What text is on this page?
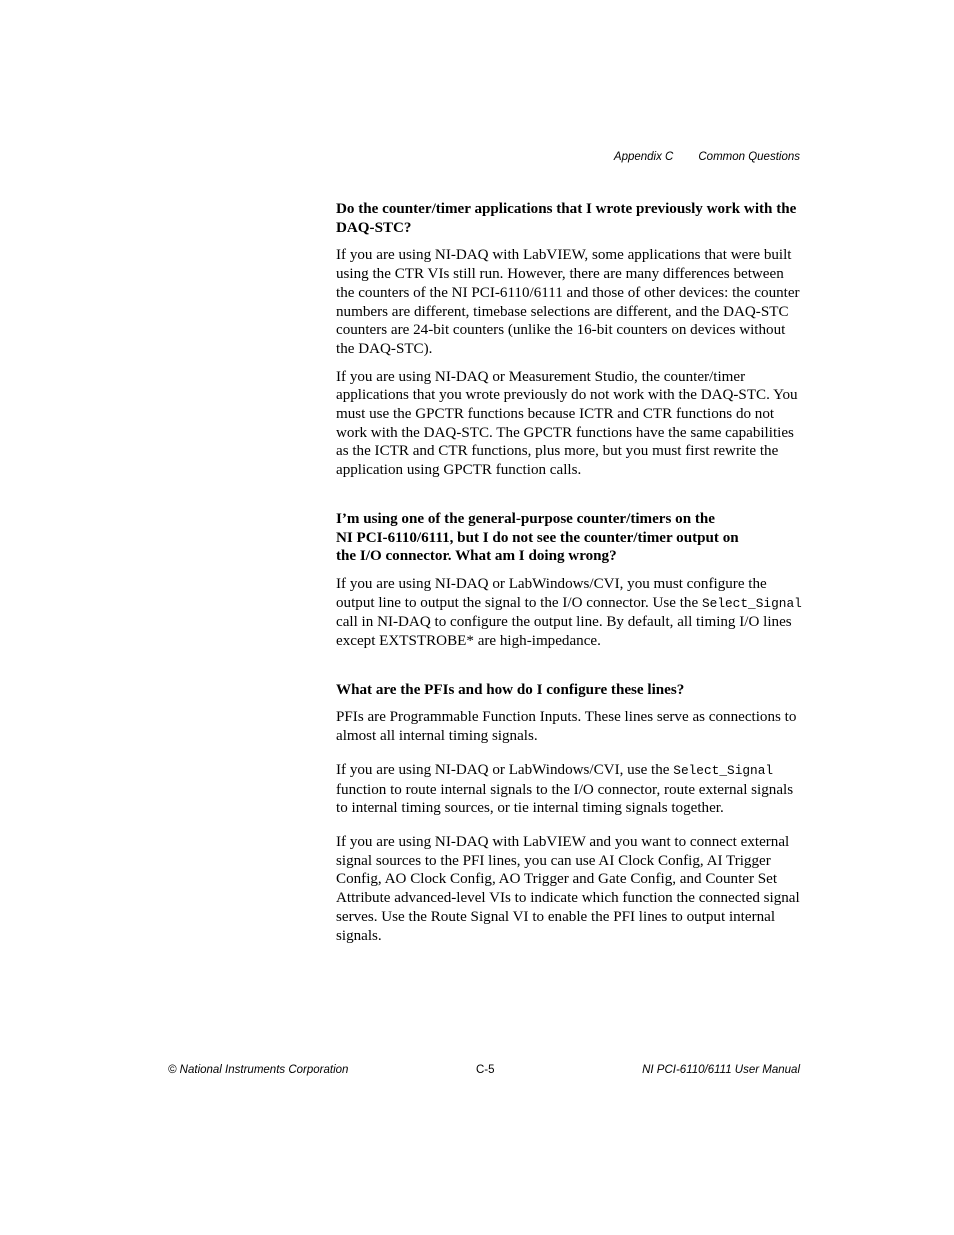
Appendix C Common Questions
Do the counter/timer applications that I wrote previously work with the DAQ-STC?

If you are using NI-DAQ with LabVIEW, some applications that were built using the CTR VIs still run. However, there are many differences between the counters of the NI PCI-6110/6111 and those of other devices: the counter numbers are different, timebase selections are different, and the DAQ-STC counters are 24-bit counters (unlike the 16-bit counters on devices without the DAQ-STC).

If you are using NI-DAQ or Measurement Studio, the counter/timer applications that you wrote previously do not work with the DAQ-STC. You must use the GPCTR functions because ICTR and CTR functions do not work with the DAQ-STC. The GPCTR functions have the same capabilities as the ICTR and CTR functions, plus more, but you must first rewrite the application using GPCTR function calls.

I’m using one of the general-purpose counter/timers on the
NI PCI-6110/6111, but I do not see the counter/timer output on
the I/O connector. What am I doing wrong?

If you are using NI-DAQ or LabWindows/CVI, you must configure the output line to output the signal to the I/O connector. Use the Select_Signal call in NI-DAQ to configure the output line. By default, all timing I/O lines except EXTSTROBE* are high-impedance.

What are the PFIs and how do I configure these lines?

PFIs are Programmable Function Inputs. These lines serve as connections to almost all internal timing signals.

If you are using NI-DAQ or LabWindows/CVI, use the Select_Signal function to route internal signals to the I/O connector, route external signals to internal timing sources, or tie internal timing signals together.

If you are using NI-DAQ with LabVIEW and you want to connect external signal sources to the PFI lines, you can use AI Clock Config, AI Trigger Config, AO Clock Config, AO Trigger and Gate Config, and Counter Set Attribute advanced-level VIs to indicate which function the connected signal serves. Use the Route Signal VI to enable the PFI lines to output internal signals.

© National Instruments Corporation	C-5	NI PCI-6110/6111 User Manual
